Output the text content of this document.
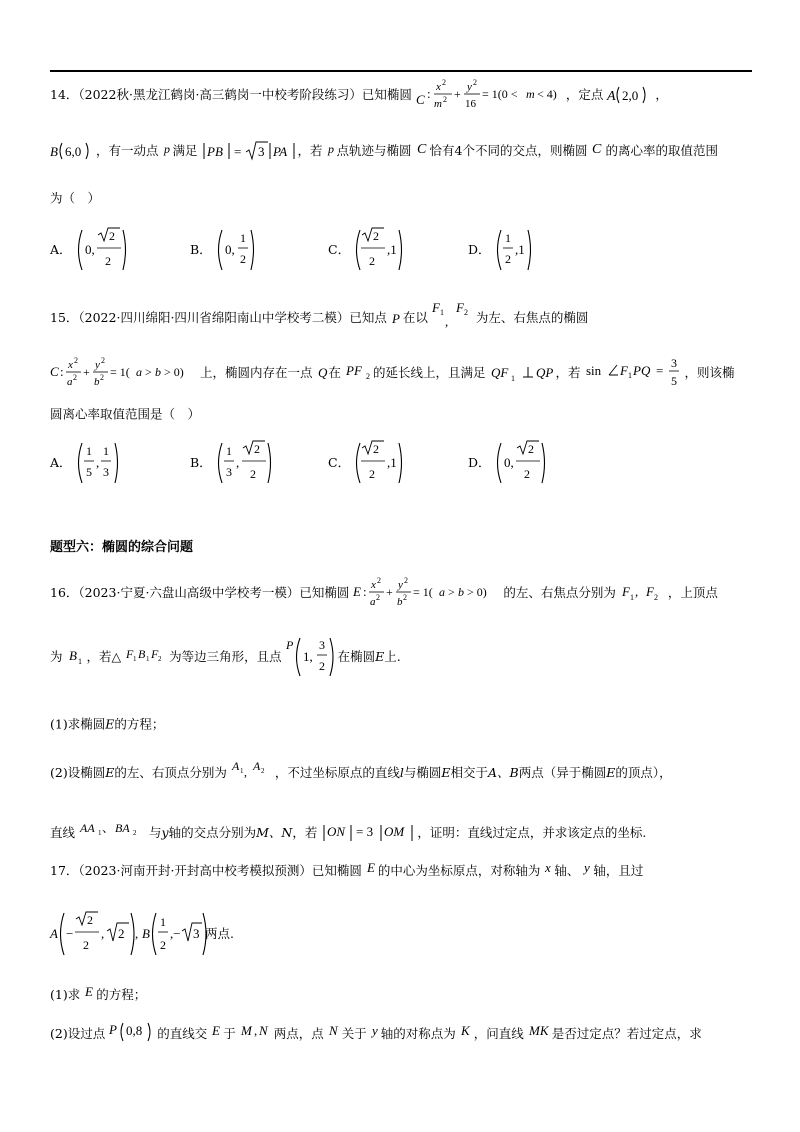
14．（2022秋·黑龙江鹤岗·高三鹤岗一中校考阶段练习）已知椭圆 C : x 2
m 2 + y 2
16
= 1(0 < m < 4) ，定点 A 2,0 ，
B 6,0 ，有一动点 p 满足 PB = 3 PA ，若 p 点轨迹与椭圆 C 恰有4个不同的交点，则椭圆 C 的离心率的取值范围
为（　）
A． 0,
2
2
B． 0,
1
2
C．
2
2
,1	D．
1
2
,1
15．（2022·四川绵阳·四川省绵阳南山中学校考二模）已知点 P 在以
F 1
,
F 2 为左、右焦点的椭圆
C : x 2
a 2 + y 2
b 2 = 1( a > b > 0) 上，椭圆内存在一点 Q 在 PF 2 的延长线上，且满足 QF 1 QP ，若 sin F 1 PQ = 3
5
，则该椭
圆离心率取值范围是（　）
A．
1
5
,
1
3
B．
1
3
,
2
2
C．
2
2
,1	D． 0,
2
2
题型六：椭圆的综合问题
16．（2023·宁夏·六盘山高级中学校考一模）已知椭圆 E : x 2
a 2 + y 2
b 2 = 1( a > b > 0) 的左、右焦点分别为 F 1 , F 2 ，上顶点
为 B 1 ，若△ F 1 B 1 F 2 为等边三角形，且点
P
1,
3
2
在椭圆E上.
(1)求椭圆E的方程；
(2)设椭圆E的左、右顶点分别为 A 1 , A 2 ，不过坐标原点的直线l与椭圆E相交于A、B两点（异于椭圆E的顶点），
直线 AA 1 、 BA 2 与y轴的交点分别为M、N，若 ON = 3 OM ，证明：直线过定点，并求该定点的坐标.
17．（2023·河南开封·开封高中校考模拟预测）已知椭圆 E 的中心为坐标原点，对称轴为 x 轴、 y 轴，且过
A −
2
2
, 2 , B
1
2
,− 3 两点.
(1)求 E 的方程；
(2)设过点 P 0,8 的直线交 E 于 M , N 两点，点 N 关于 y 轴的对称点为 K ，问直线 MK 是否过定点？若过定点，求
